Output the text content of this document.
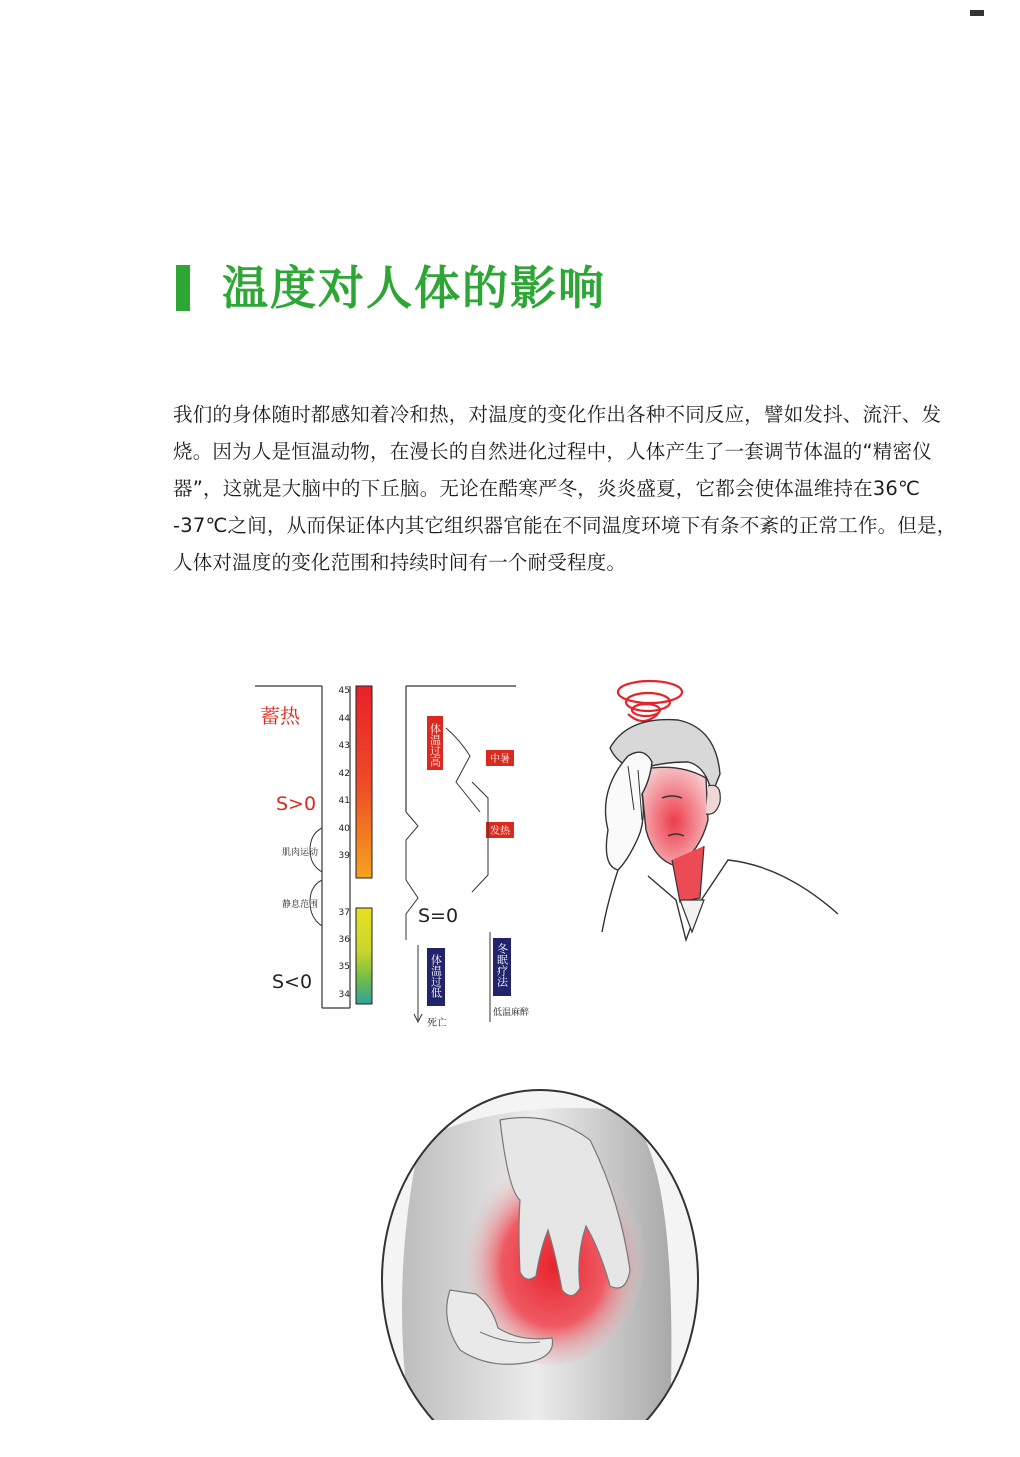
温度对人体的影响
我们的身体随时都感知着冷和热，对温度的变化作出各种不同反应，譬如发抖、流汗、发
烧。因为人是恒温动物，在漫长的自然进化过程中，人体产生了一套调节体温的“精密仪
器”，这就是大脑中的下丘脑。无论在酷寒严冬，炎炎盛夏，它都会使体温维持在36℃
-37℃之间，从而保证体内其它组织器官能在不同温度环境下有条不紊的正常工作。但是，
人体对温度的变化范围和持续时间有一个耐受程度。
45
44
43
42
41
40
39
37
36
35
34
蓄热
S>0
S<0
肌肉运动
静息范围
体温过高	中暑
发热
S=0
体温过低
死亡
冬眠疗法
低温麻醉
